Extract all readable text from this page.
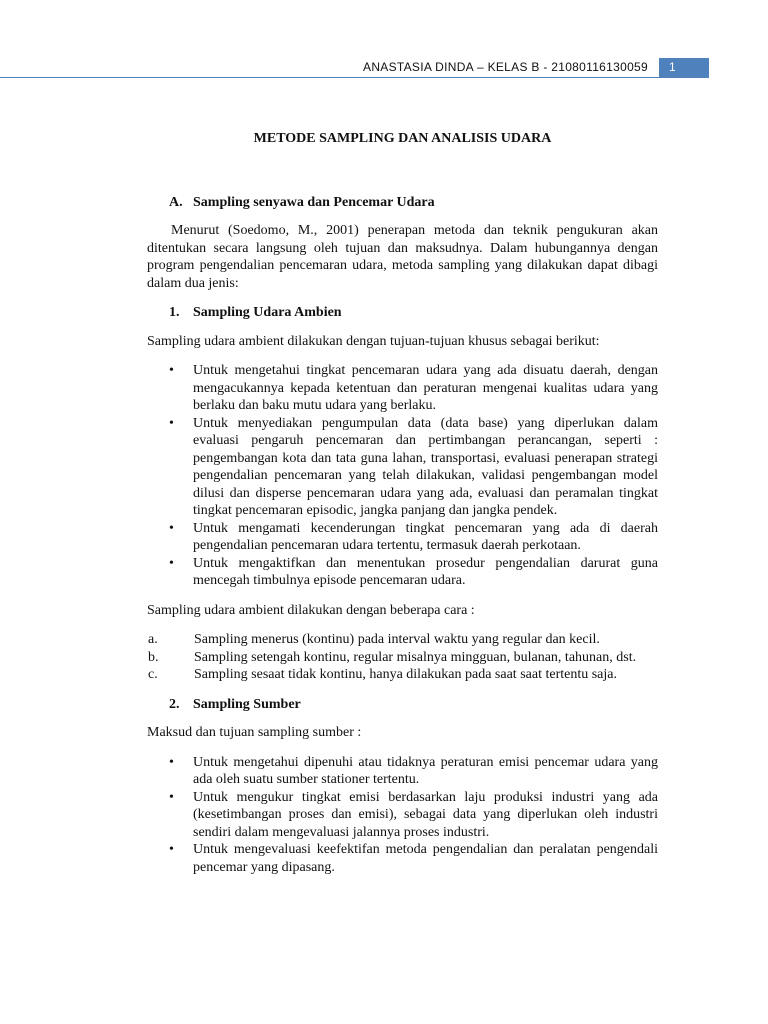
ANASTASIA DINDA – KELAS B - 21080116130059	1
METODE SAMPLING DAN ANALISIS UDARA
A. Sampling senyawa dan Pencemar Udara
Menurut (Soedomo, M., 2001) penerapan metoda dan teknik pengukuran akan ditentukan secara langsung oleh tujuan dan maksudnya. Dalam hubungannya dengan program pengendalian pencemaran udara, metoda sampling yang dilakukan dapat dibagi dalam dua jenis:
1. Sampling Udara Ambien
Sampling udara ambient dilakukan dengan tujuan-tujuan khusus sebagai berikut:
•	Untuk mengetahui tingkat pencemaran udara yang ada disuatu daerah, dengan mengacukannya kepada ketentuan dan peraturan mengenai kualitas udara yang berlaku dan baku mutu udara yang berlaku.
•	Untuk menyediakan pengumpulan data (data base) yang diperlukan dalam evaluasi pengaruh pencemaran dan pertimbangan perancangan, seperti : pengembangan kota dan tata guna lahan, transportasi, evaluasi penerapan strategi pengendalian pencemaran yang telah dilakukan, validasi pengembangan model dilusi dan disperse pencemaran udara yang ada, evaluasi dan peramalan tingkat tingkat pencemaran episodic, jangka panjang dan jangka pendek.
•	Untuk mengamati kecenderungan tingkat pencemaran yang ada di daerah pengendalian pencemaran udara tertentu, termasuk daerah perkotaan.
•	Untuk mengaktifkan dan menentukan prosedur pengendalian darurat guna mencegah timbulnya episode pencemaran udara.
Sampling udara ambient dilakukan dengan beberapa cara :
a.	Sampling menerus (kontinu) pada interval waktu yang regular dan kecil.
b.	Sampling setengah kontinu, regular misalnya mingguan, bulanan, tahunan, dst.
c.	Sampling sesaat tidak kontinu, hanya dilakukan pada saat saat tertentu saja.
2. Sampling Sumber
Maksud dan tujuan sampling sumber :
•	Untuk mengetahui dipenuhi atau tidaknya peraturan emisi pencemar udara yang ada oleh suatu sumber stationer tertentu.
•	Untuk mengukur tingkat emisi berdasarkan laju produksi industri yang ada (kesetimbangan proses dan emisi), sebagai data yang diperlukan oleh industri sendiri dalam mengevaluasi jalannya proses industri.
•	Untuk mengevaluasi keefektifan metoda pengendalian dan peralatan pengendali pencemar yang dipasang.
